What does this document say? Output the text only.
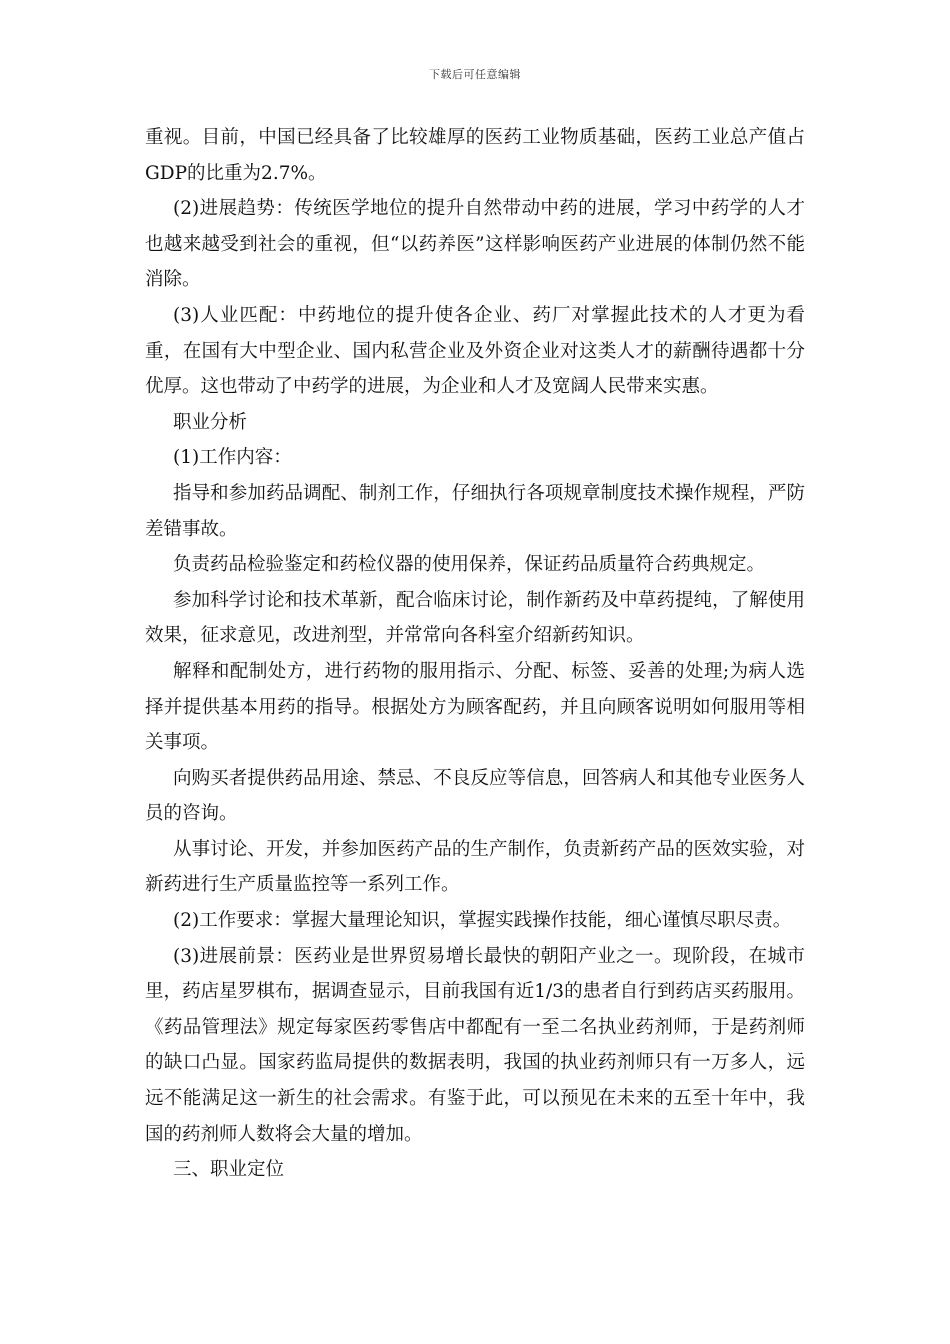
下载后可任意编辑

重视。目前，中国已经具备了比较雄厚的医药工业物质基础，医药工业总产值占GDP的比重为2.7%。

(2)进展趋势：传统医学地位的提升自然带动中药的进展，学习中药学的人才也越来越受到社会的重视，但“以药养医”这样影响医药产业进展的体制仍然不能消除。

(3)人业匹配：中药地位的提升使各企业、药厂对掌握此技术的人才更为看重，在国有大中型企业、国内私营企业及外资企业对这类人才的薪酬待遇都十分优厚。这也带动了中药学的进展，为企业和人才及宽阔人民带来实惠。

职业分析

(1)工作内容：

指导和参加药品调配、制剂工作，仔细执行各项规章制度技术操作规程，严防差错事故。

负责药品检验鉴定和药检仪器的使用保养，保证药品质量符合药典规定。

参加科学讨论和技术革新，配合临床讨论，制作新药及中草药提纯，了解使用效果，征求意见，改进剂型，并常常向各科室介绍新药知识。

解释和配制处方，进行药物的服用指示、分配、标签、妥善的处理;为病人选择并提供基本用药的指导。根据处方为顾客配药，并且向顾客说明如何服用等相关事项。

向购买者提供药品用途、禁忌、不良反应等信息，回答病人和其他专业医务人员的咨询。

从事讨论、开发，并参加医药产品的生产制作，负责新药产品的医效实验，对新药进行生产质量监控等一系列工作。

(2)工作要求：掌握大量理论知识，掌握实践操作技能，细心谨慎尽职尽责。

(3)进展前景：医药业是世界贸易增长最快的朝阳产业之一。现阶段，在城市里，药店星罗棋布，据调查显示，目前我国有近1/3的患者自行到药店买药服用。《药品管理法》规定每家医药零售店中都配有一至二名执业药剂师，于是药剂师的缺口凸显。国家药监局提供的数据表明，我国的执业药剂师只有一万多人，远远不能满足这一新生的社会需求。有鉴于此，可以预见在未来的五至十年中，我国的药剂师人数将会大量的增加。

三、职业定位
